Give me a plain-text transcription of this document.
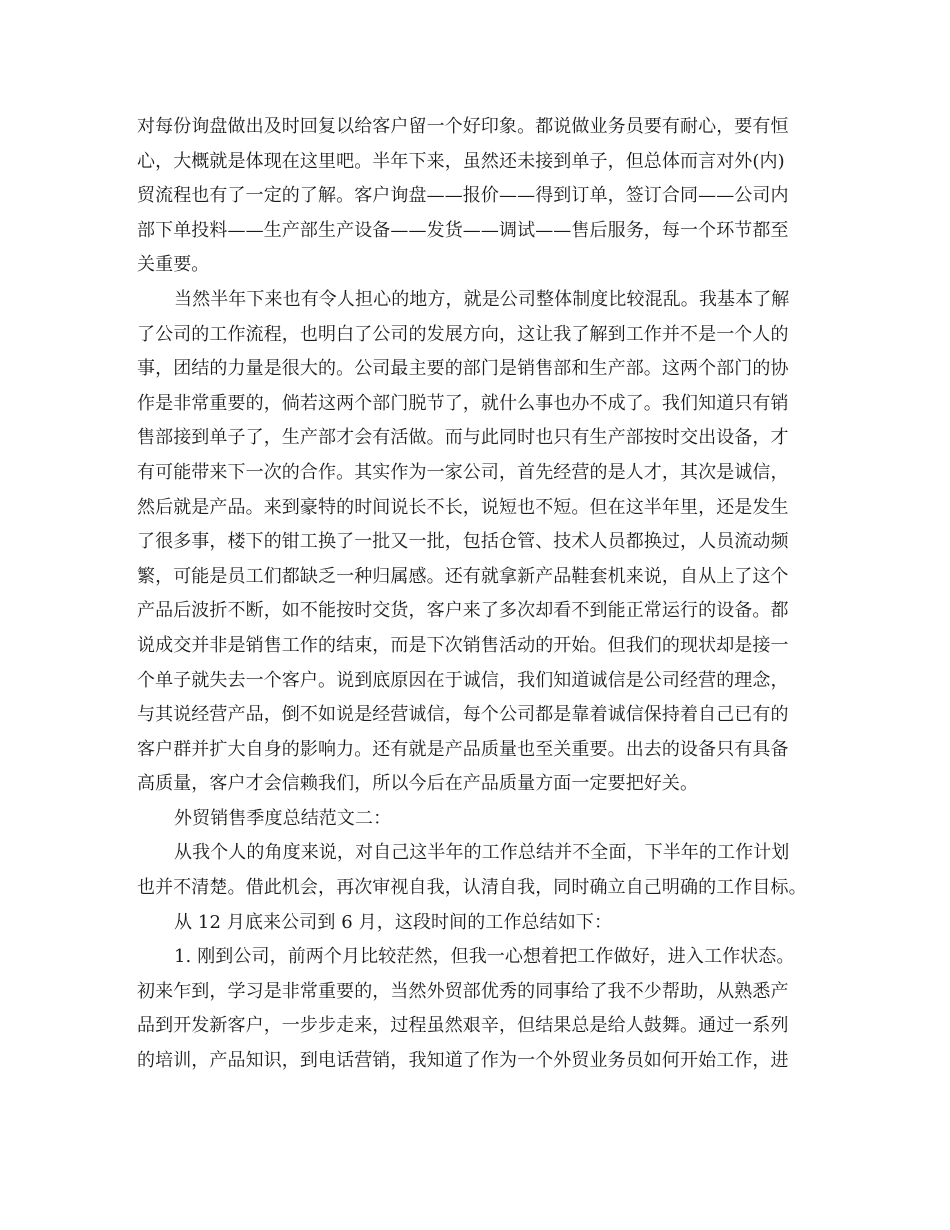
对每份询盘做出及时回复以给客户留一个好印象。都说做业务员要有耐心，要有恒
心，大概就是体现在这里吧。半年下来，虽然还未接到单子，但总体而言对外(内)
贸流程也有了一定的了解。客户询盘——报价——得到订单，签订合同——公司内
部下单投料——生产部生产设备——发货——调试——售后服务，每一个环节都至
关重要。
当然半年下来也有令人担心的地方，就是公司整体制度比较混乱。我基本了解
了公司的工作流程，也明白了公司的发展方向，这让我了解到工作并不是一个人的
事，团结的力量是很大的。公司最主要的部门是销售部和生产部。这两个部门的协
作是非常重要的，倘若这两个部门脱节了，就什么事也办不成了。我们知道只有销
售部接到单子了，生产部才会有活做。而与此同时也只有生产部按时交出设备，才
有可能带来下一次的合作。其实作为一家公司，首先经营的是人才，其次是诚信，
然后就是产品。来到豪特的时间说长不长，说短也不短。但在这半年里，还是发生
了很多事，楼下的钳工换了一批又一批，包括仓管、技术人员都换过，人员流动频
繁，可能是员工们都缺乏一种归属感。还有就拿新产品鞋套机来说，自从上了这个
产品后波折不断，如不能按时交货，客户来了多次却看不到能正常运行的设备。都
说成交并非是销售工作的结束，而是下次销售活动的开始。但我们的现状却是接一
个单子就失去一个客户。说到底原因在于诚信，我们知道诚信是公司经营的理念，
与其说经营产品，倒不如说是经营诚信，每个公司都是靠着诚信保持着自己已有的
客户群并扩大自身的影响力。还有就是产品质量也至关重要。出去的设备只有具备
高质量，客户才会信赖我们，所以今后在产品质量方面一定要把好关。
外贸销售季度总结范文二：
从我个人的角度来说，对自己这半年的工作总结并不全面，下半年的工作计划
也并不清楚。借此机会，再次审视自我，认清自我，同时确立自己明确的工作目标。
从 12 月底来公司到 6 月，这段时间的工作总结如下：
1. 刚到公司，前两个月比较茫然，但我一心想着把工作做好，进入工作状态。
初来乍到，学习是非常重要的，当然外贸部优秀的同事给了我不少帮助，从熟悉产
品到开发新客户，一步步走来，过程虽然艰辛，但结果总是给人鼓舞。通过一系列
的培训，产品知识，到电话营销，我知道了作为一个外贸业务员如何开始工作，进
